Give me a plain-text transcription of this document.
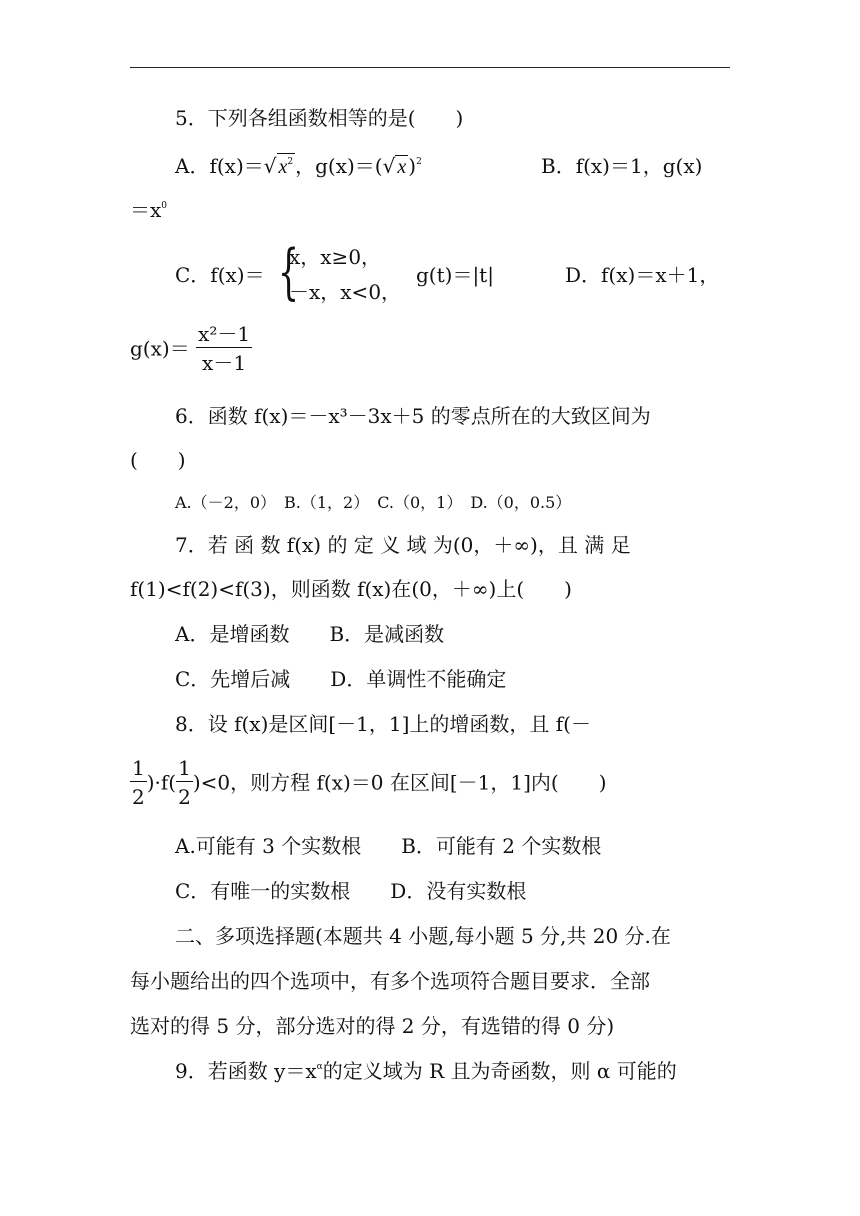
5．下列各组函数相等的是(　　)
A．f(x)＝√ $x^2$ ，g(x)＝(√ x )$^2$	B．f(x)＝1，g(x)
$=x^0$
C．f(x)＝ {
x，x≥0，
－x，x<0，
g(t)＝|t|	D．f(x)＝x＋1，
$g(x)= \frac{\text{x²－1}}{x-1}$
6．函数 f(x)＝－x³－3x＋5 的零点所在的大致区间为
(　　)
A.（－2，0）　B.（1，2）　C.（0，1）　D.（0，0.5）
7．若 函 数 f(x) 的 定 义 域 为(0，＋∞)，且 满 足
f(1)<f(2)<f(3)，则函数 f(x)在(0，＋∞)上(　　)
A．是增函数　　B．是减函数
C．先增后减　　D．单调性不能确定
8．设 f(x)是区间[－1，1]上的增函数，且 f(－
$\frac{1}{2} )\cdot f( \frac{1}{2} )<0$，则方程 f(x)＝0 在区间[－1，1]内(　　)
A.可能有 3 个实数根　　B．可能有 2 个实数根
C．有唯一的实数根　　D．没有实数根
二、多项选择题(本题共 4 小题,每小题 5 分,共 20 分.在
每小题给出的四个选项中，有多个选项符合题目要求．全部
选对的得 5 分，部分选对的得 2 分，有选错的得 0 分)
9．若函数 $y=x^\alpha$的定义域为 R 且为奇函数，则 α 可能的
